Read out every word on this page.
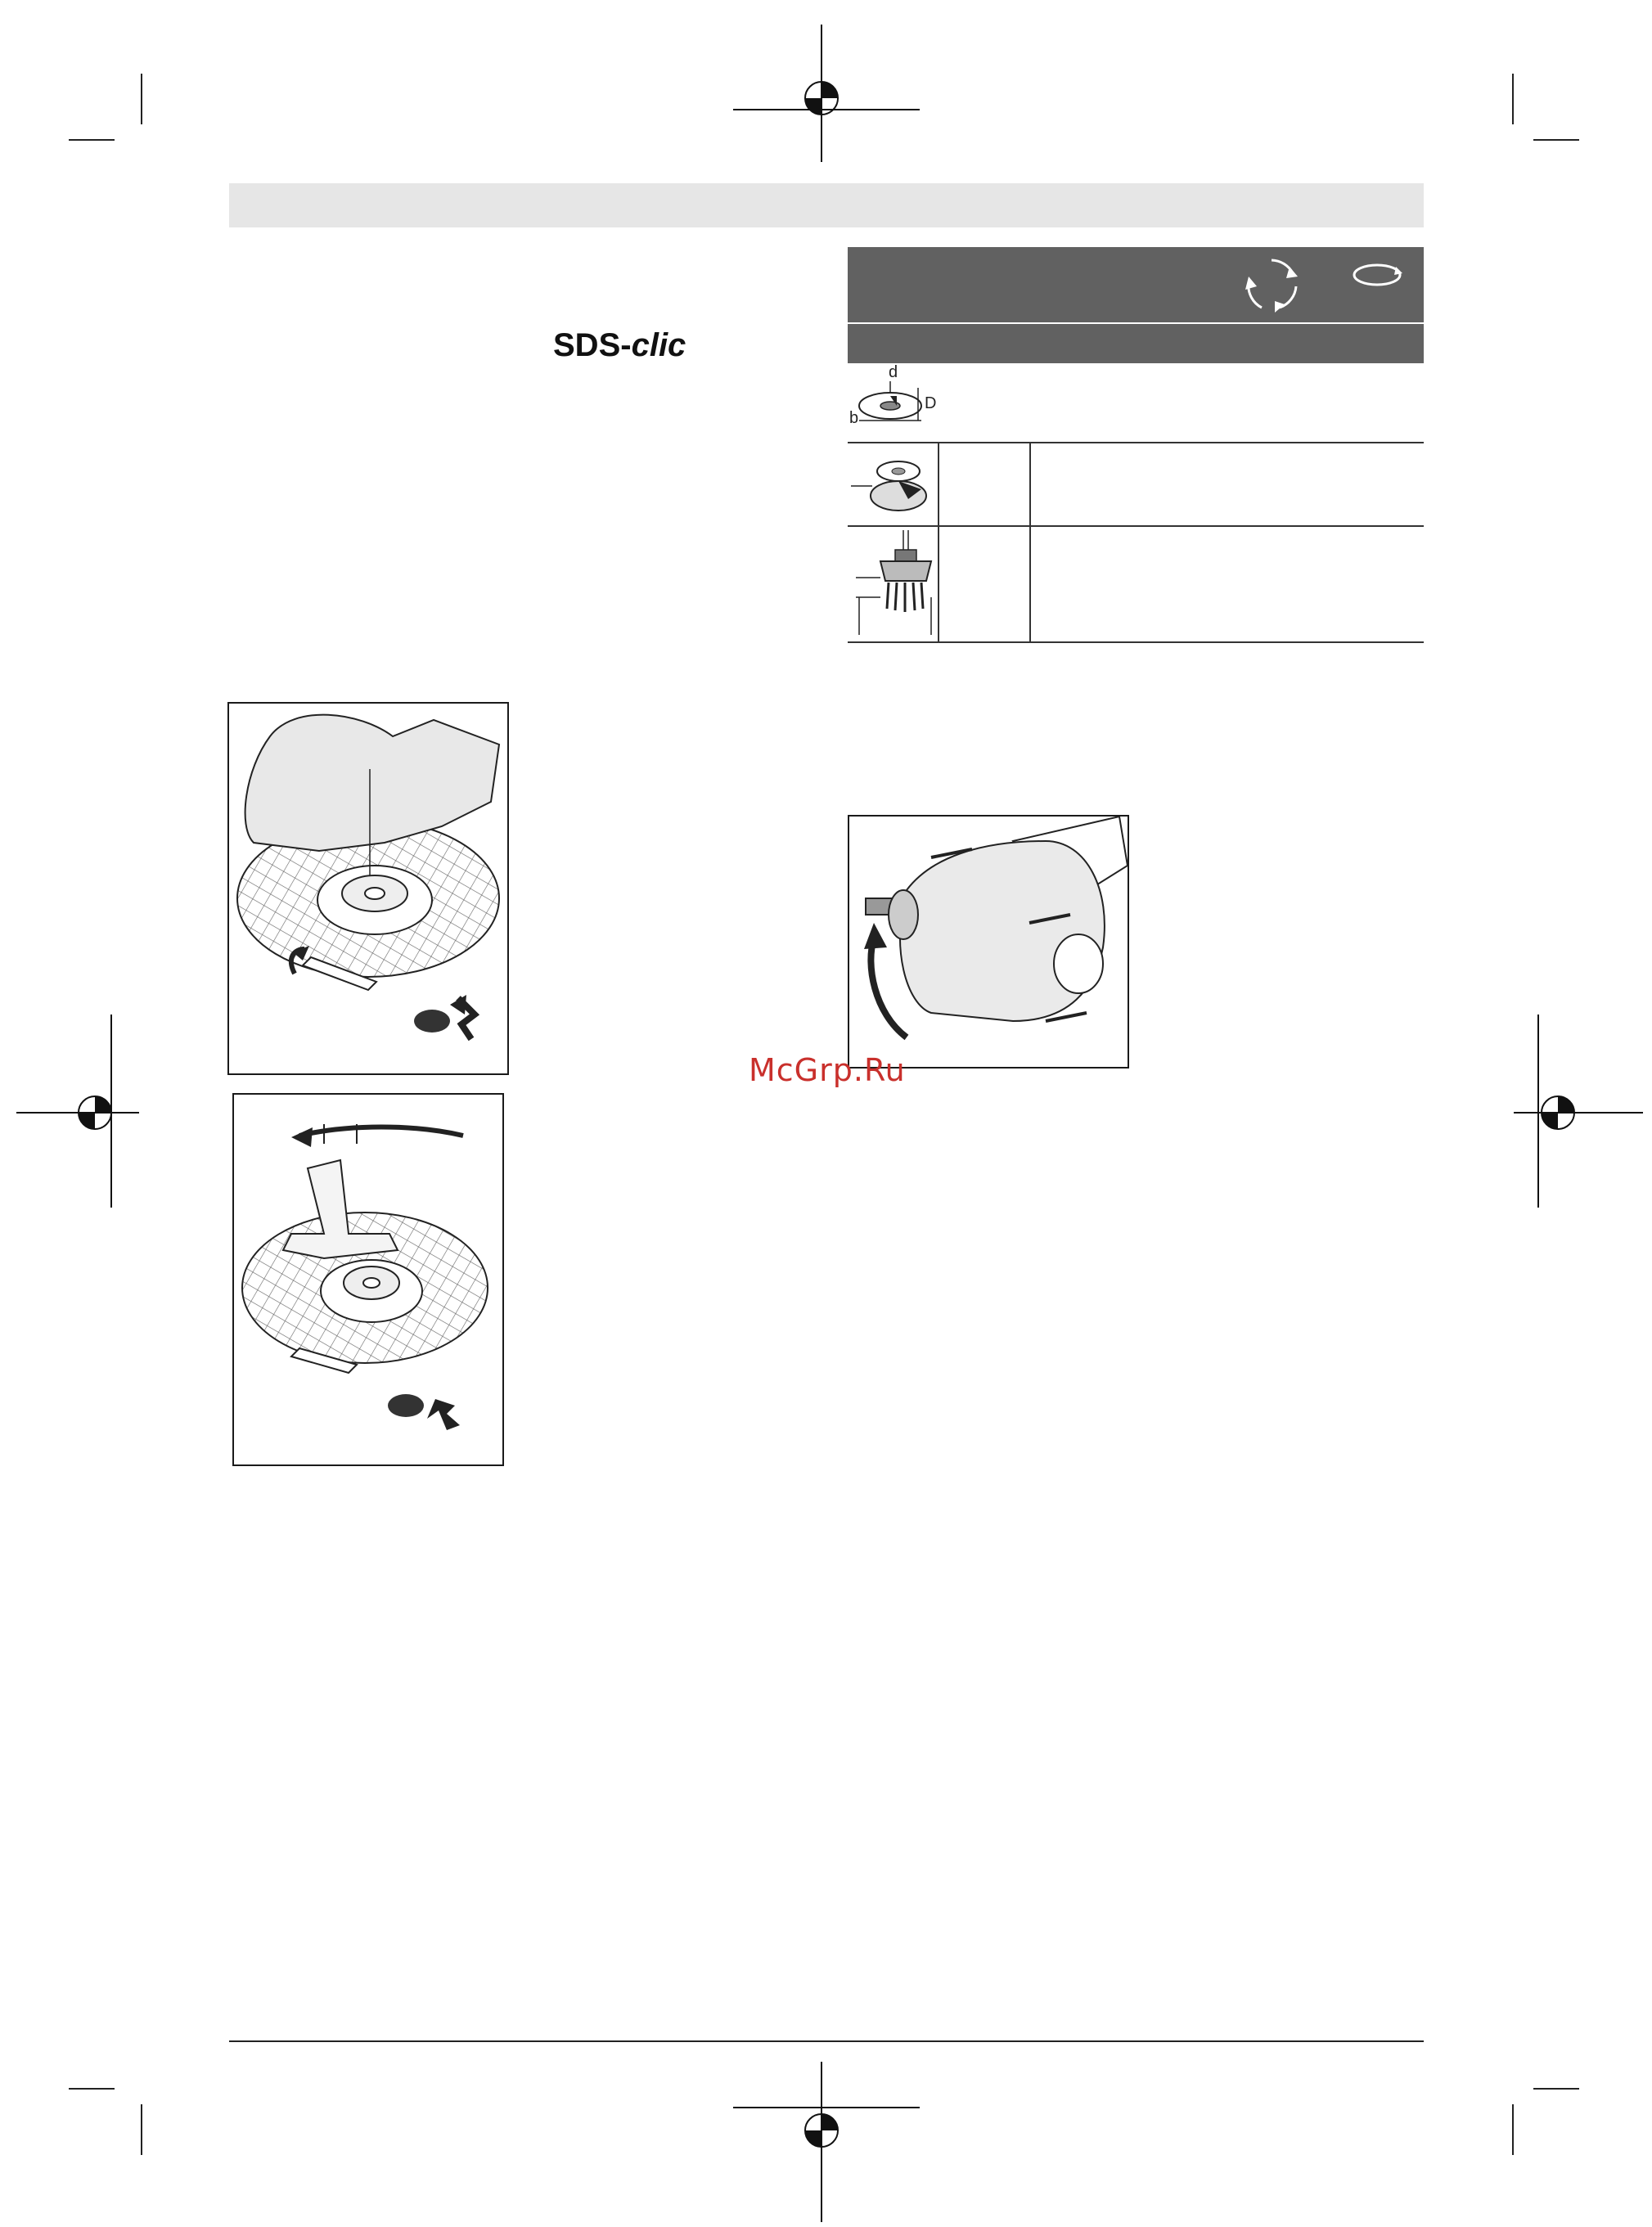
SDS-clic
d
D
b
McGrp.Ru
